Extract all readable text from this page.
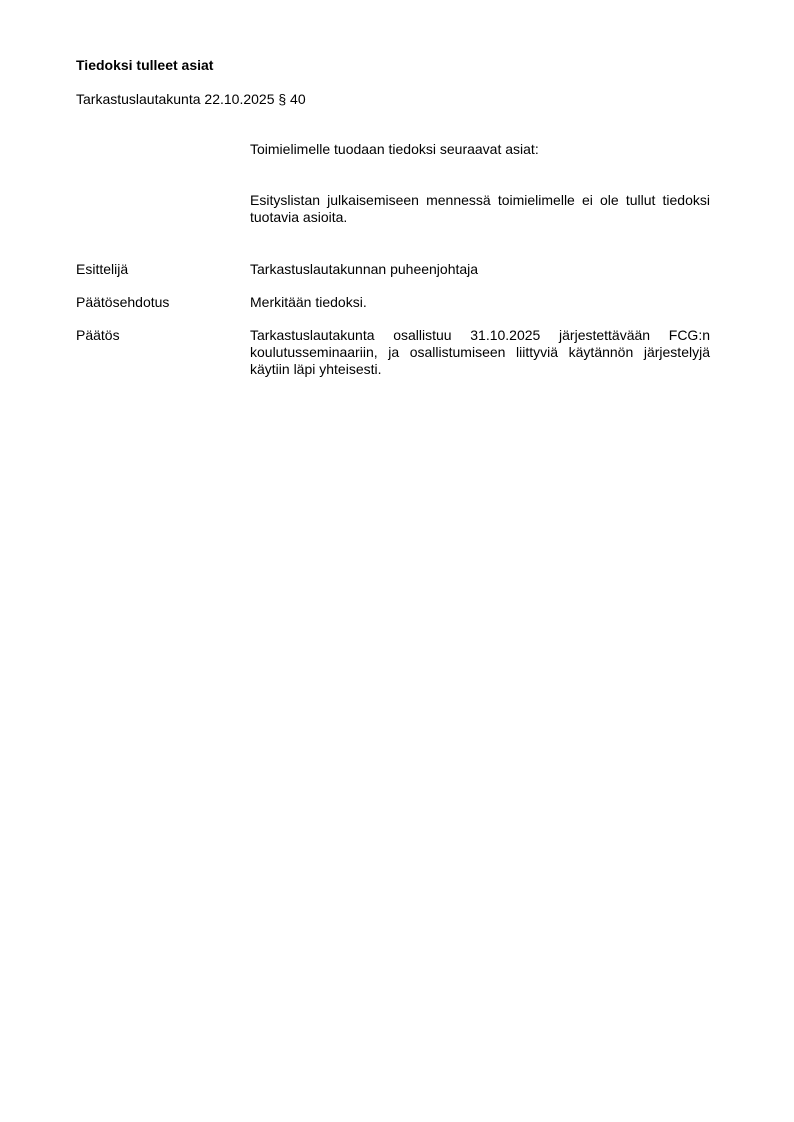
Tiedoksi tulleet asiat

Tarkastuslautakunta 22.10.2025 § 40

Toimielimelle tuodaan tiedoksi seuraavat asiat:

Esityslistan julkaisemiseen mennessä toimielimelle ei ole tullut tiedoksi tuotavia asioita.

Esittelijä	Tarkastuslautakunnan puheenjohtaja
Päätösehdotus	Merkitään tiedoksi.
Päätös	Tarkastuslautakunta osallistuu 31.10.2025 järjestettävään FCG:n koulutusseminaariin, ja osallistumiseen liittyviä käytännön järjestelyjä käytiin läpi yhteisesti.
